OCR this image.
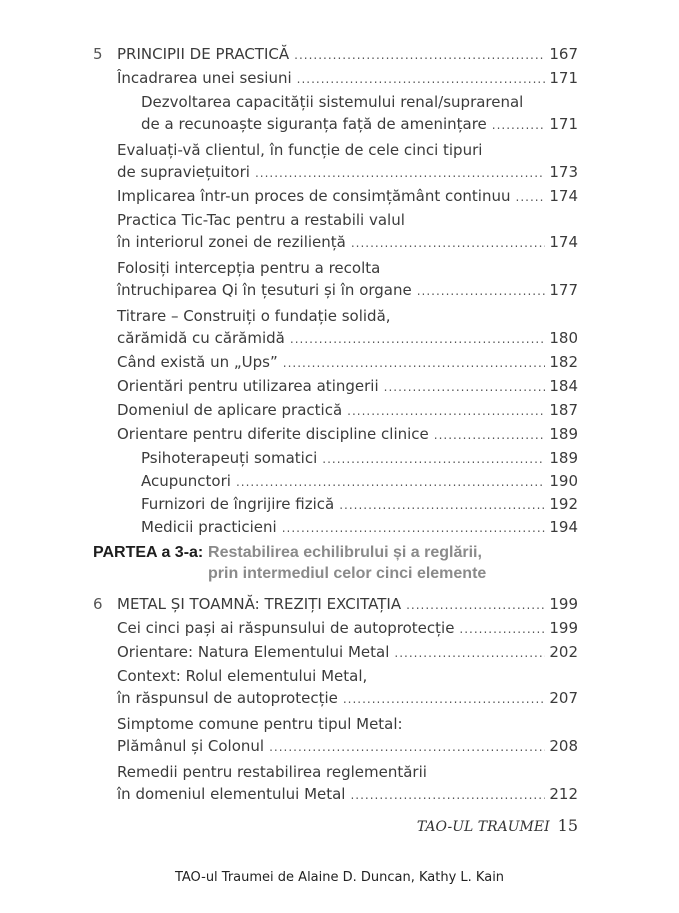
5 PRINCIPII DE PRACTICĂ .....	167
Încadrarea unei sesiuni .....	171
Dezvoltarea capacității sistemului renal/suprarenal
de a recunoaște siguranța față de amenințare .....	171
Evaluați-vă clientul, în funcție de cele cinci tipuri
de supraviețuitori .....	173
Implicarea într-un proces de consimțământ continuu .....	174
Practica Tic-Tac pentru a restabili valul
în interiorul zonei de reziliență .....	174
Folosiți intercepția pentru a recolta
întruchiparea Qi în țesuturi și în organe .....	177
Titrare – Construiți o fundație solidă,
cărămidă cu cărămidă .....	180
Când există un „Ups” .....	182
Orientări pentru utilizarea atingerii .....	184
Domeniul de aplicare practică .....	187
Orientare pentru diferite discipline clinice .....	189
Psihoterapeuți somatici .....	189
Acupunctori .....	190
Furnizori de îngrijire fizică .....	192
Medicii practicieni .....	194
PARTEA a 3-a: Restabilirea echilibrului și a reglării,
prin intermediul celor cinci elemente
6 METAL ȘI TOAMNĂ: TREZIȚI EXCITAȚIA .....	199
Cei cinci pași ai răspunsului de autoprotecție .....	199
Orientare: Natura Elementului Metal .....	202
Context: Rolul elementului Metal,
în răspunsul de autoprotecție .....	207
Simptome comune pentru tipul Metal:
Plămânul și Colonul .....	208
Remedii pentru restabilirea reglementării
în domeniul elementului Metal .....	212
TAO-UL TRAUMEI 15
TAO-ul Traumei de Alaine D. Duncan, Kathy L. Kain
